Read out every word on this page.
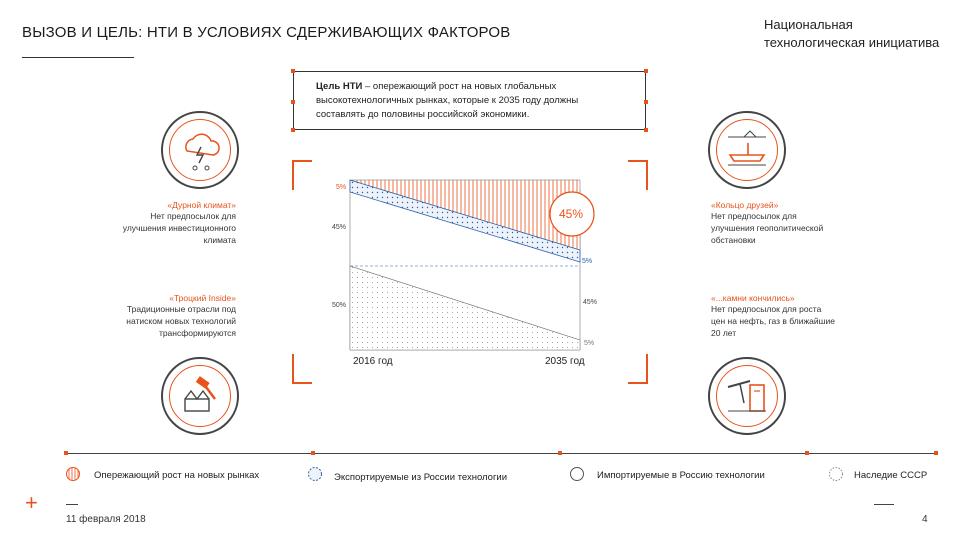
ВЫЗОВ И ЦЕЛЬ: НТИ В УСЛОВИЯХ СДЕРЖИВАЮЩИХ ФАКТОРОВ	Национальная
технологическая инициатива
Цель НТИ – опережающий рост на новых глобальных
высокотехнологичных рынках, которые к 2035 году должны
составлять до половины российской экономики.
5%
45%
50%
45%
5%
45%
5%
2016 год	2035 год
«Дурной климат»
Нет предпосылок для
улучшения инвестиционного
климата
«Троцкий Inside»
Традиционные отрасли под
натиском новых технологий
трансформируются
«Кольцо друзей»
Нет предпосылок для
улучшения геополитической
обстановки
«...камни кончились»
Нет предпосылок для роста
цен на нефть, газ в ближайшие
20 лет
Опережающий рост на новых рынках	Экспортируемые из России технологии	Импортируемые в Россию технологии	Наследие СССР
+
11 февраля 2018	4
